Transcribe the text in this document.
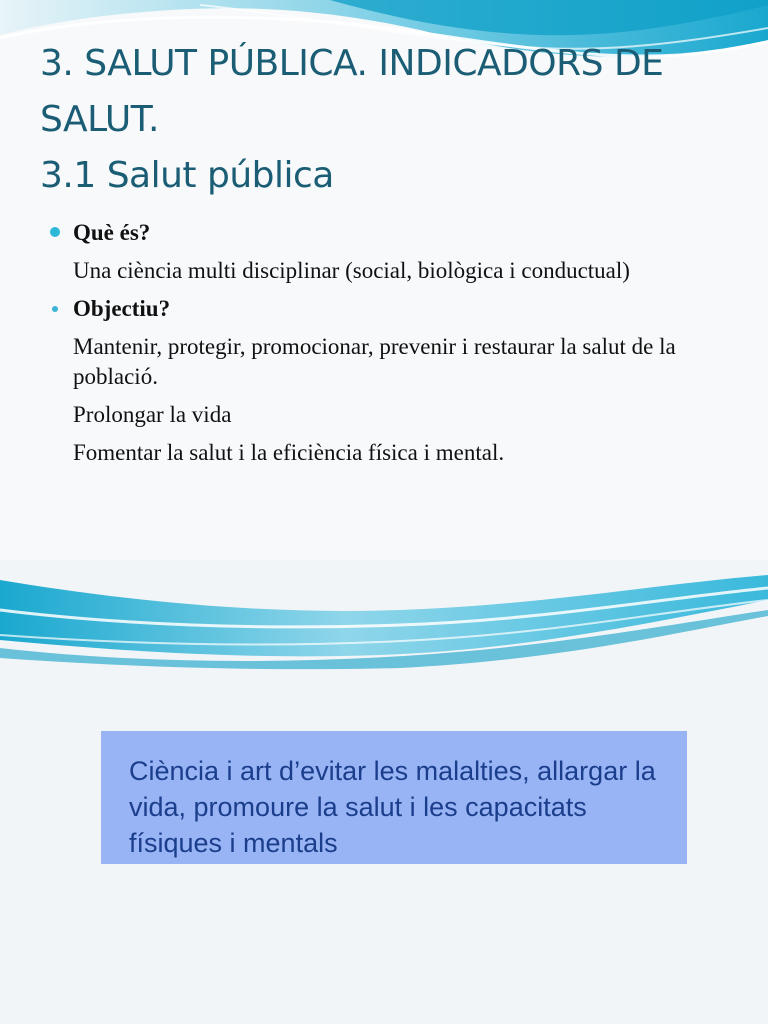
3. SALUT PÚBLICA. INDICADORS DE
SALUT.
3.1 Salut pública
Què és?
Una ciència multi disciplinar (social, biològica i conductual)
Objectiu?
Mantenir, protegir, promocionar, prevenir i restaurar la salut de la població.
Prolongar la vida
Fomentar la salut i la eficiència física i mental.
Ciència i art d’evitar les malalties, allargar la vida, promoure la salut i les capacitats físiques i mentals
